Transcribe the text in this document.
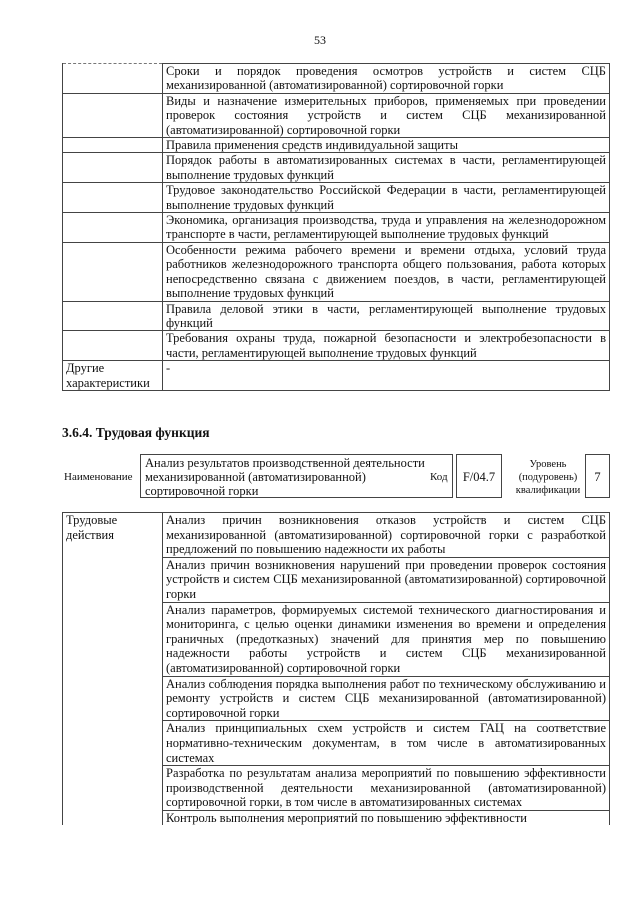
53
	Сроки и порядок проведения осмотров устройств и систем СЦБ механизированной (автоматизированной) сортировочной горки
	Виды и назначение измерительных приборов, применяемых при проведении проверок состояния устройств и систем СЦБ механизированной (автоматизированной) сортировочной горки
	Правила применения средств индивидуальной защиты
	Порядок работы в автоматизированных системах в части, регламентирующей выполнение трудовых функций
	Трудовое законодательство Российской Федерации в части, регламентирующей выполнение трудовых функций
	Экономика, организация производства, труда и управления на железнодорожном транспорте в части, регламентирующей выполнение трудовых функций
	Особенности режима рабочего времени и времени отдыха, условий труда работников железнодорожного транспорта общего пользования, работа которых непосредственно связана с движением поездов, в части, регламентирующей выполнение трудовых функций
	Правила деловой этики в части, регламентирующей выполнение трудовых функций
	Требования охраны труда, пожарной безопасности и электробезопасности в части, регламентирующей выполнение трудовых функций
Другие характеристики	-
3.6.4. Трудовая функция
Наименование
Анализ результатов производственной деятельности механизированной (автоматизированной) сортировочной горки
Код	F/04.7
Уровень (подуровень) квалификации
7
Трудовые действия	Анализ причин возникновения отказов устройств и систем СЦБ механизированной (автоматизированной) сортировочной горки с разработкой предложений по повышению надежности их работы
	Анализ причин возникновения нарушений при проведении проверок состояния устройств и систем СЦБ механизированной (автоматизированной) сортировочной горки
	Анализ параметров, формируемых системой технического диагностирования и мониторинга, с целью оценки динамики изменения во времени и определения граничных (предотказных) значений для принятия мер по повышению надежности работы устройств и систем СЦБ механизированной (автоматизированной) сортировочной горки
	Анализ соблюдения порядка выполнения работ по техническому обслуживанию и ремонту устройств и систем СЦБ механизированной (автоматизированной) сортировочной горки
	Анализ принципиальных схем устройств и систем ГАЦ на соответствие нормативно-техническим документам, в том числе в автоматизированных системах
	Разработка по результатам анализа мероприятий по повышению эффективности производственной деятельности механизированной (автоматизированной) сортировочной горки, в том числе в автоматизированных системах
	Контроль выполнения мероприятий по повышению эффективности
